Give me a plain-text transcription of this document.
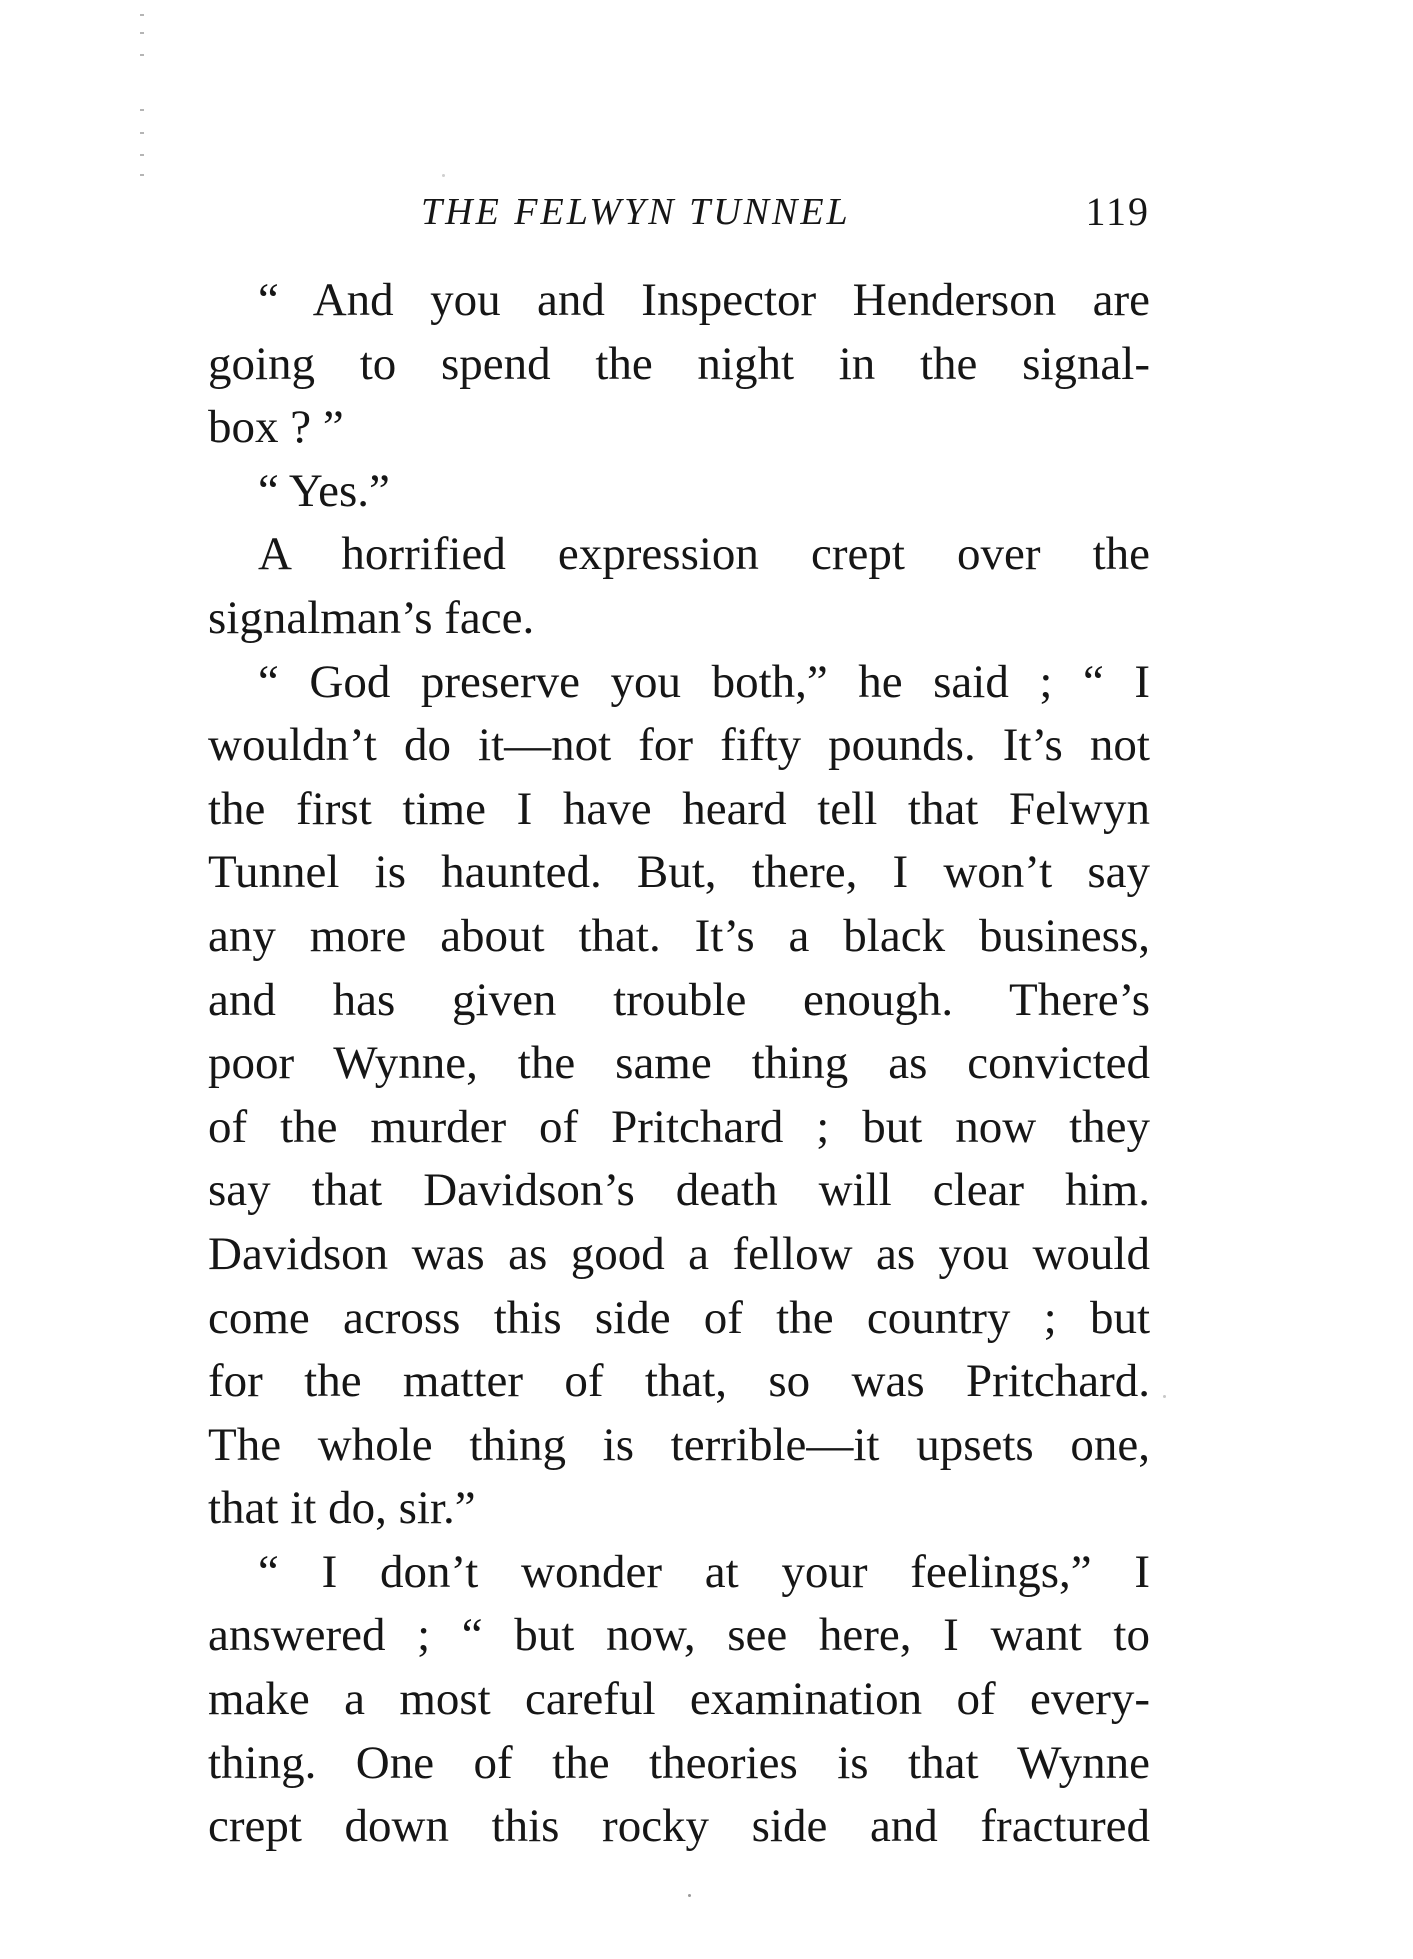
THE FELWYN TUNNEL	119
“ And you and Inspector Henderson are
going to spend the night in the signal-
box ? ”
“ Yes.”
A horrified expression crept over the
signalman’s face.
“ God preserve you both,” he said ; “ I
wouldn’t do it—not for fifty pounds. It’s not
the first time I have heard tell that Felwyn
Tunnel is haunted. But, there, I won’t say
any more about that. It’s a black business,
and has given trouble enough. There’s
poor Wynne, the same thing as convicted
of the murder of Pritchard ; but now they
say that Davidson’s death will clear him.
Davidson was as good a fellow as you would
come across this side of the country ; but
for the matter of that, so was Pritchard.
The whole thing is terrible—it upsets one,
that it do, sir.”
“ I don’t wonder at your feelings,” I
answered ; “ but now, see here, I want to
make a most careful examination of every-
thing. One of the theories is that Wynne
crept down this rocky side and fractured
